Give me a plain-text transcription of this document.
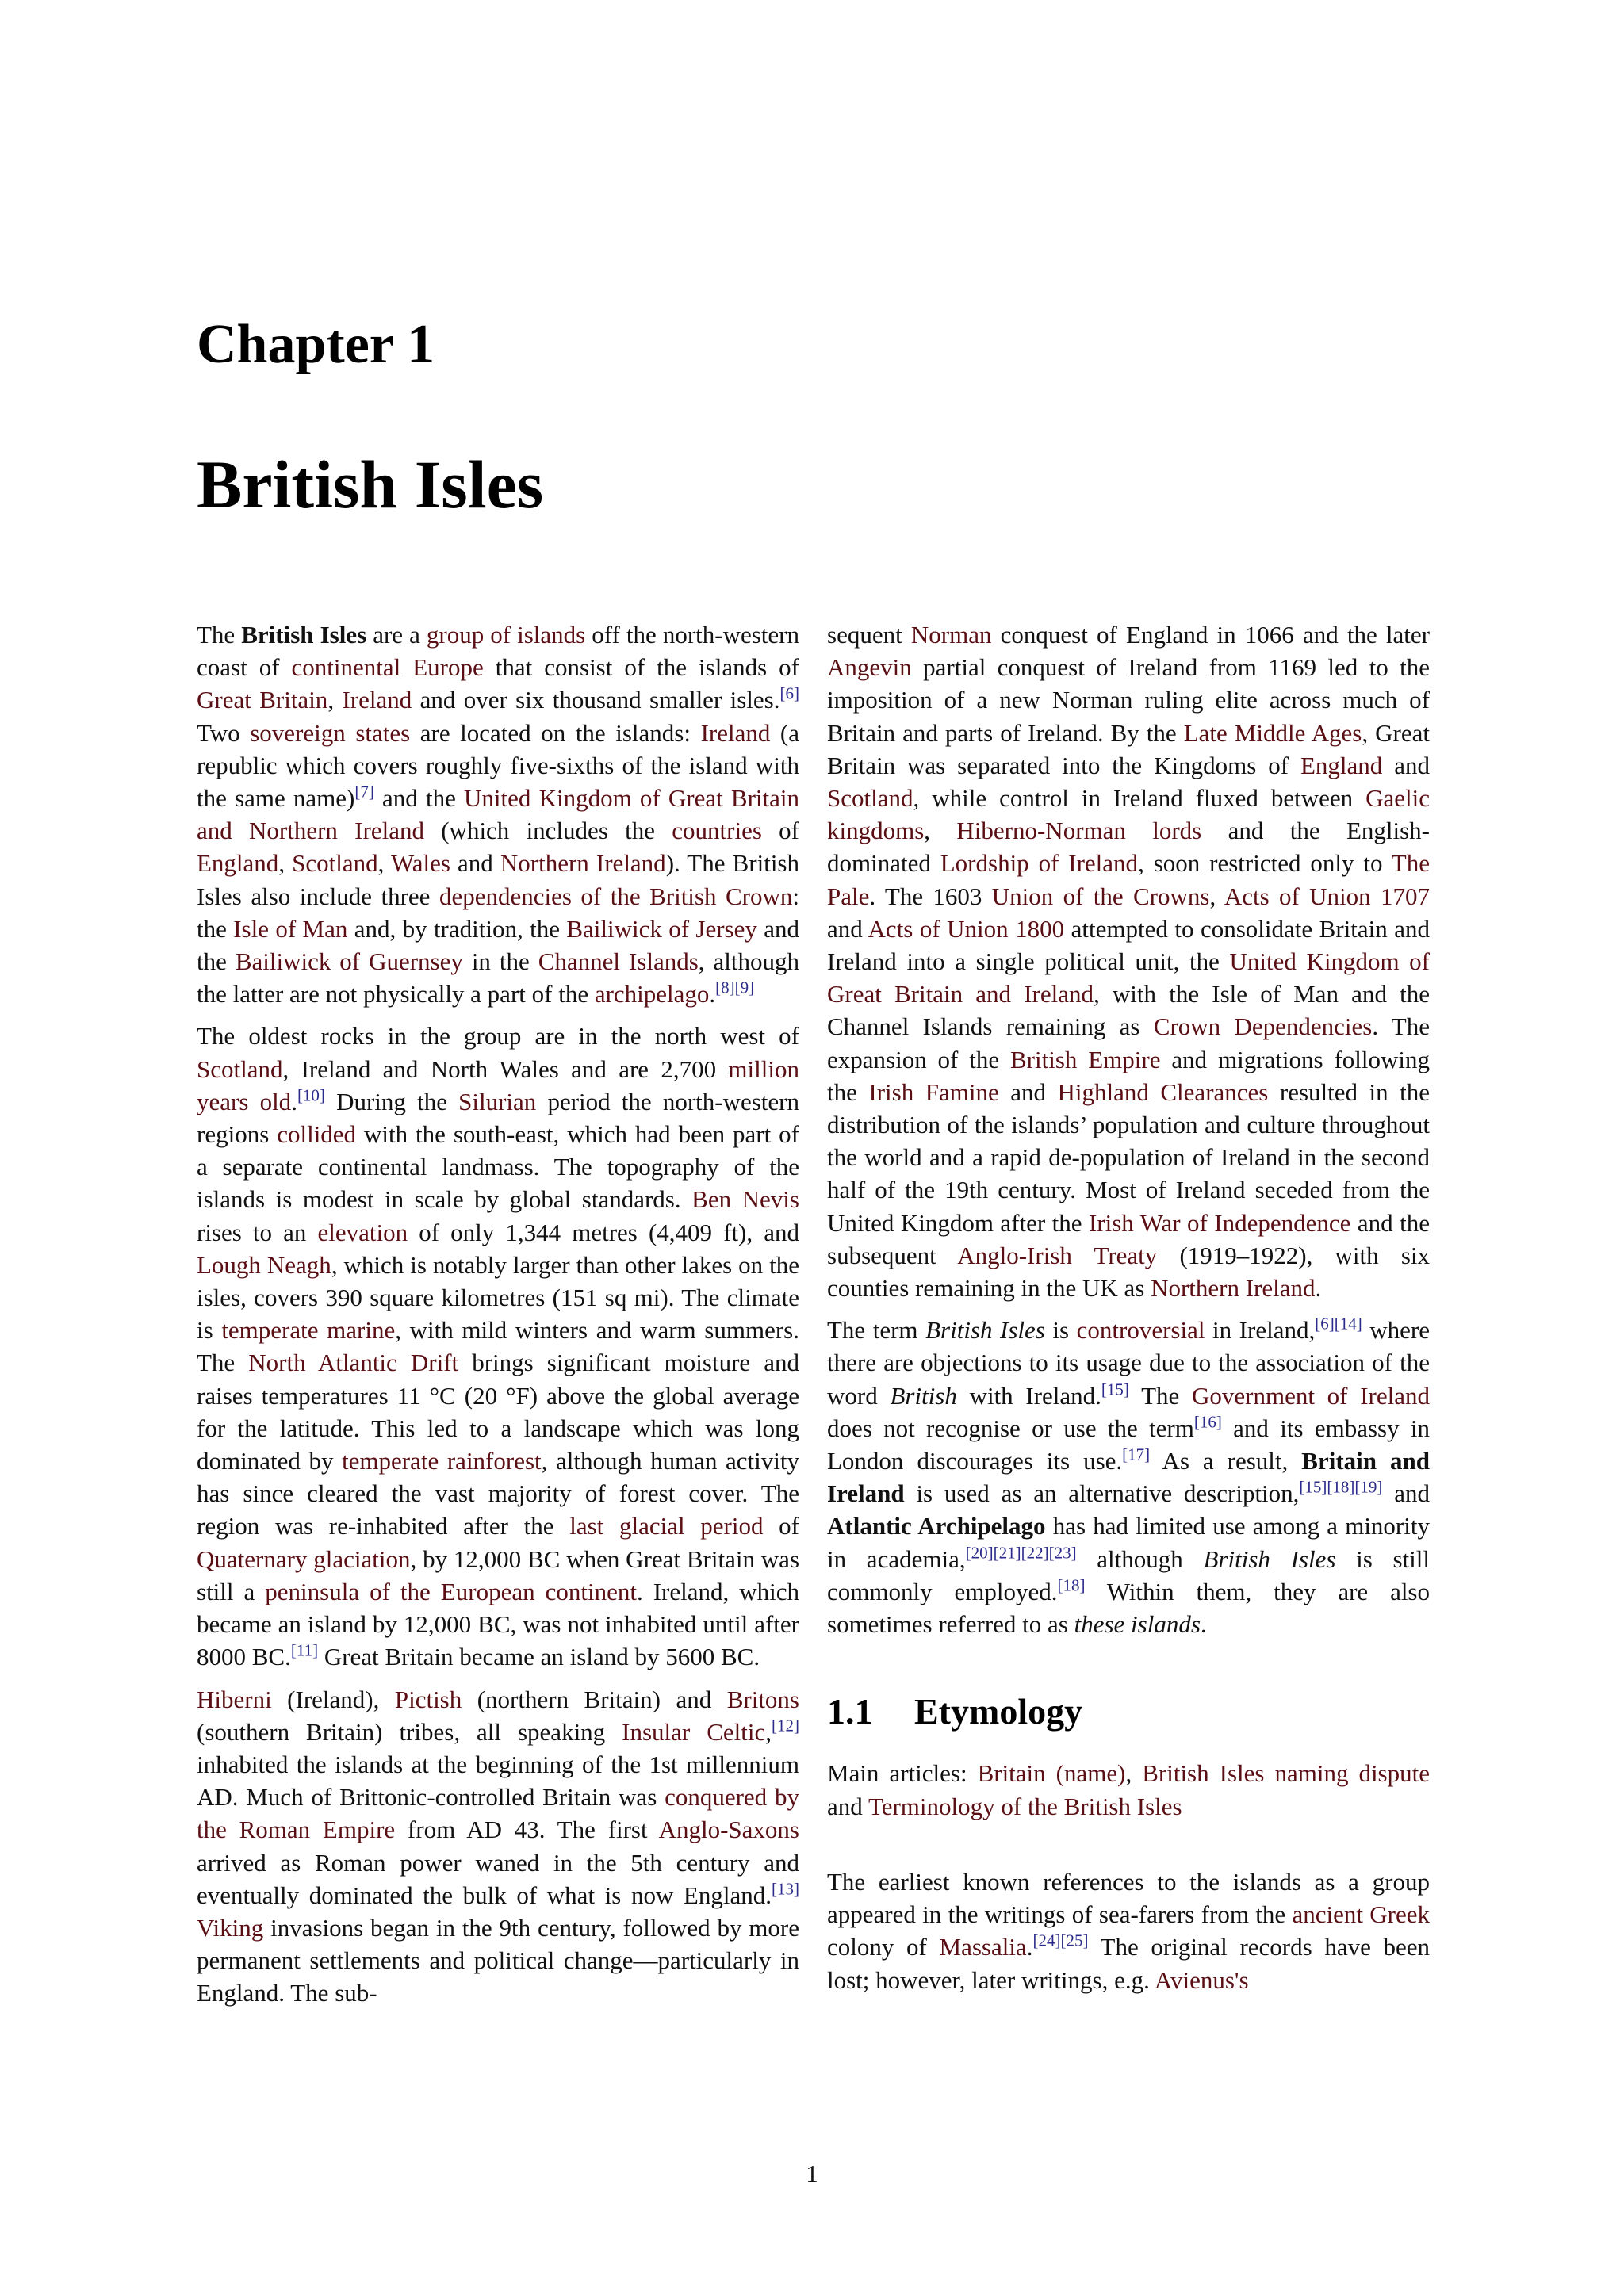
Chapter 1
British Isles

The British Isles are a group of islands off the north-western coast of continental Europe that consist of the islands of Great Britain, Ireland and over six thousand smaller isles.[6] Two sovereign states are located on the islands: Ireland (a republic which covers roughly five-sixths of the island with the same name)[7] and the United Kingdom of Great Britain and Northern Ireland (which includes the countries of England, Scotland, Wales and Northern Ireland). The British Isles also include three dependencies of the British Crown: the Isle of Man and, by tradition, the Bailiwick of Jersey and the Bailiwick of Guernsey in the Channel Islands, although the latter are not physically a part of the archipelago.[8][9]

The oldest rocks in the group are in the north west of Scotland, Ireland and North Wales and are 2,700 million years old.[10] During the Silurian period the north-western regions collided with the south-east, which had been part of a separate continental landmass. The topography of the islands is modest in scale by global standards. Ben Nevis rises to an elevation of only 1,344 metres (4,409 ft), and Lough Neagh, which is notably larger than other lakes on the isles, covers 390 square kilometres (151 sq mi). The climate is temperate marine, with mild winters and warm summers. The North Atlantic Drift brings significant moisture and raises temperatures 11 °C (20 °F) above the global average for the latitude. This led to a landscape which was long dominated by temperate rainforest, although human activity has since cleared the vast majority of forest cover. The region was re-inhabited after the last glacial period of Quaternary glaciation, by 12,000 BC when Great Britain was still a peninsula of the European continent. Ireland, which became an island by 12,000 BC, was not inhabited until after 8000 BC.[11] Great Britain became an island by 5600 BC.

Hiberni (Ireland), Pictish (northern Britain) and Britons (southern Britain) tribes, all speaking Insular Celtic,[12] inhabited the islands at the beginning of the 1st millennium AD. Much of Brittonic-controlled Britain was conquered by the Roman Empire from AD 43. The first Anglo-Saxons arrived as Roman power waned in the 5th century and eventually dominated the bulk of what is now England.[13] Viking invasions began in the 9th century, followed by more permanent settlements and political change—particularly in England. The sub-

sequent Norman conquest of England in 1066 and the later Angevin partial conquest of Ireland from 1169 led to the imposition of a new Norman ruling elite across much of Britain and parts of Ireland. By the Late Middle Ages, Great Britain was separated into the Kingdoms of England and Scotland, while control in Ireland fluxed between Gaelic kingdoms, Hiberno-Norman lords and the English-dominated Lordship of Ireland, soon restricted only to The Pale. The 1603 Union of the Crowns, Acts of Union 1707 and Acts of Union 1800 attempted to consolidate Britain and Ireland into a single political unit, the United Kingdom of Great Britain and Ireland, with the Isle of Man and the Channel Islands remaining as Crown Dependencies. The expansion of the British Empire and migrations following the Irish Famine and Highland Clearances resulted in the distribution of the islands’ population and culture throughout the world and a rapid de-population of Ireland in the second half of the 19th century. Most of Ireland seceded from the United Kingdom after the Irish War of Independence and the subsequent Anglo-Irish Treaty (1919–1922), with six counties remaining in the UK as Northern Ireland.

The term British Isles is controversial in Ireland,[6][14] where there are objections to its usage due to the association of the word British with Ireland.[15] The Government of Ireland does not recognise or use the term[16] and its embassy in London discourages its use.[17] As a result, Britain and Ireland is used as an alternative description,[15][18][19] and Atlantic Archipelago has had limited use among a minority in academia,[20][21][22][23] although British Isles is still commonly employed.[18] Within them, they are also sometimes referred to as these islands.

1.1 Etymology

Main articles: Britain (name), British Isles naming dispute and Terminology of the British Isles

The earliest known references to the islands as a group appeared in the writings of sea-farers from the ancient Greek colony of Massalia.[24][25] The original records have been lost; however, later writings, e.g. Avienus's

1
